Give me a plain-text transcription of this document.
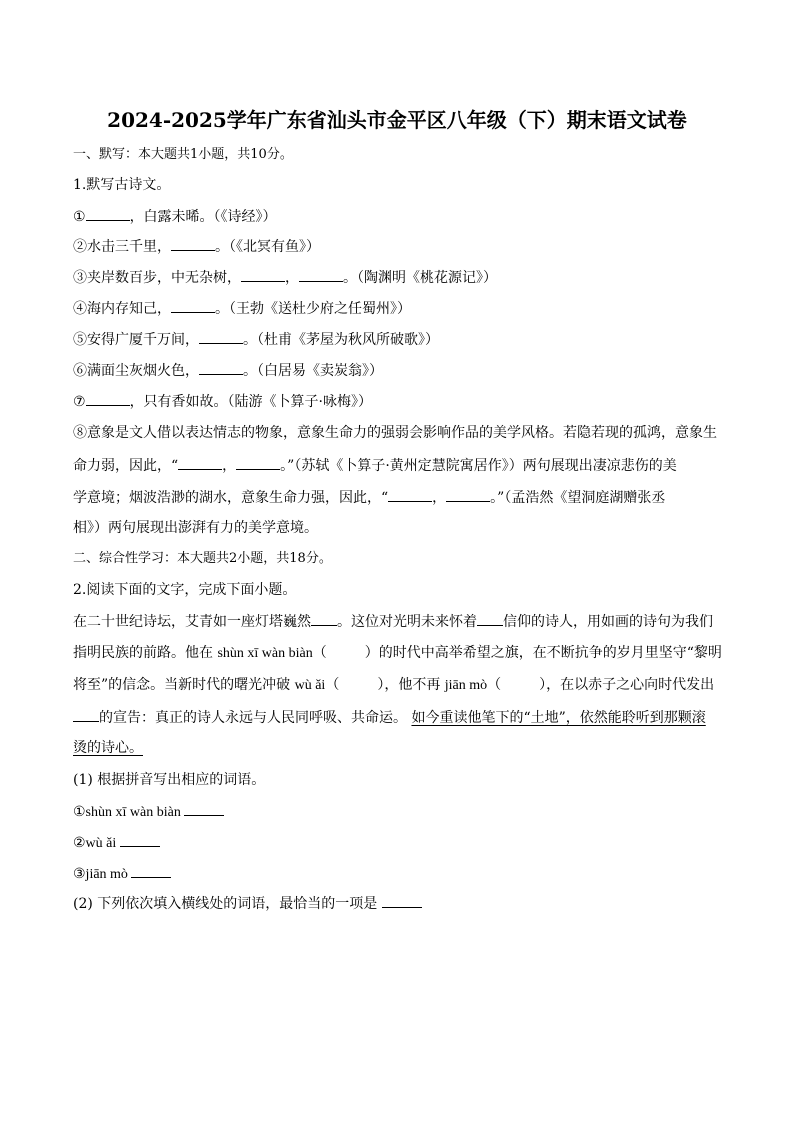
2024-2025学年广东省汕头市金平区八年级（下）期末语文试卷
一、默写：本大题共1小题，共10分。
1.默写古诗文。
①	，白露未晞。（《诗经》）
②水击三千里，	。（《北冥有鱼》）
③夹岸数百步，中无杂树，	，	。（陶渊明《桃花源记》）
④海内存知己，	。（王勃《送杜少府之任蜀州》）
⑤安得广厦千万间，	。（杜甫《茅屋为秋风所破歌》）
⑥满面尘灰烟火色，	。（白居易《卖炭翁》）
⑦	，只有香如故。（陆游《卜算子·咏梅》）
⑧意象是文人借以表达情志的物象，意象生命力的强弱会影响作品的美学风格。若隐若现的孤鸿，意象生
命力弱，因此，“	，	。”（苏轼《卜算子·黄州定慧院寓居作》）两句展现出凄凉悲伤的美
学意境；烟波浩渺的湖水，意象生命力强，因此，“	，	。”（孟浩然《望洞庭湖赠张丞
相》）两句展现出澎湃有力的美学意境。
二、综合性学习：本大题共2小题，共18分。
2.阅读下面的文字，完成下面小题。
在二十世纪诗坛，艾青如一座灯塔巍然 。这位对光明未来怀着 信仰的诗人，用如画的诗句为我们
指明民族的前路。他在 shùn xī wàn biàn（	）的时代中高举希望之旗，在不断抗争的岁月里坚守“黎明
将至”的信念。当新时代的曙光冲破 wù ǎi（	），他不再 jiān mò（	），在以赤子之心向时代发出
的宣告：真正的诗人永远与人民同呼吸、共命运。 如今重读他笔下的“土地”，依然能聆听到那颗滚
烫的诗心。
(1) 根据拼音写出相应的词语。
①shùn xī wàn biàn
②wù ǎi
③jiān mò
(2) 下列依次填入横线处的词语，最恰当的一项是
